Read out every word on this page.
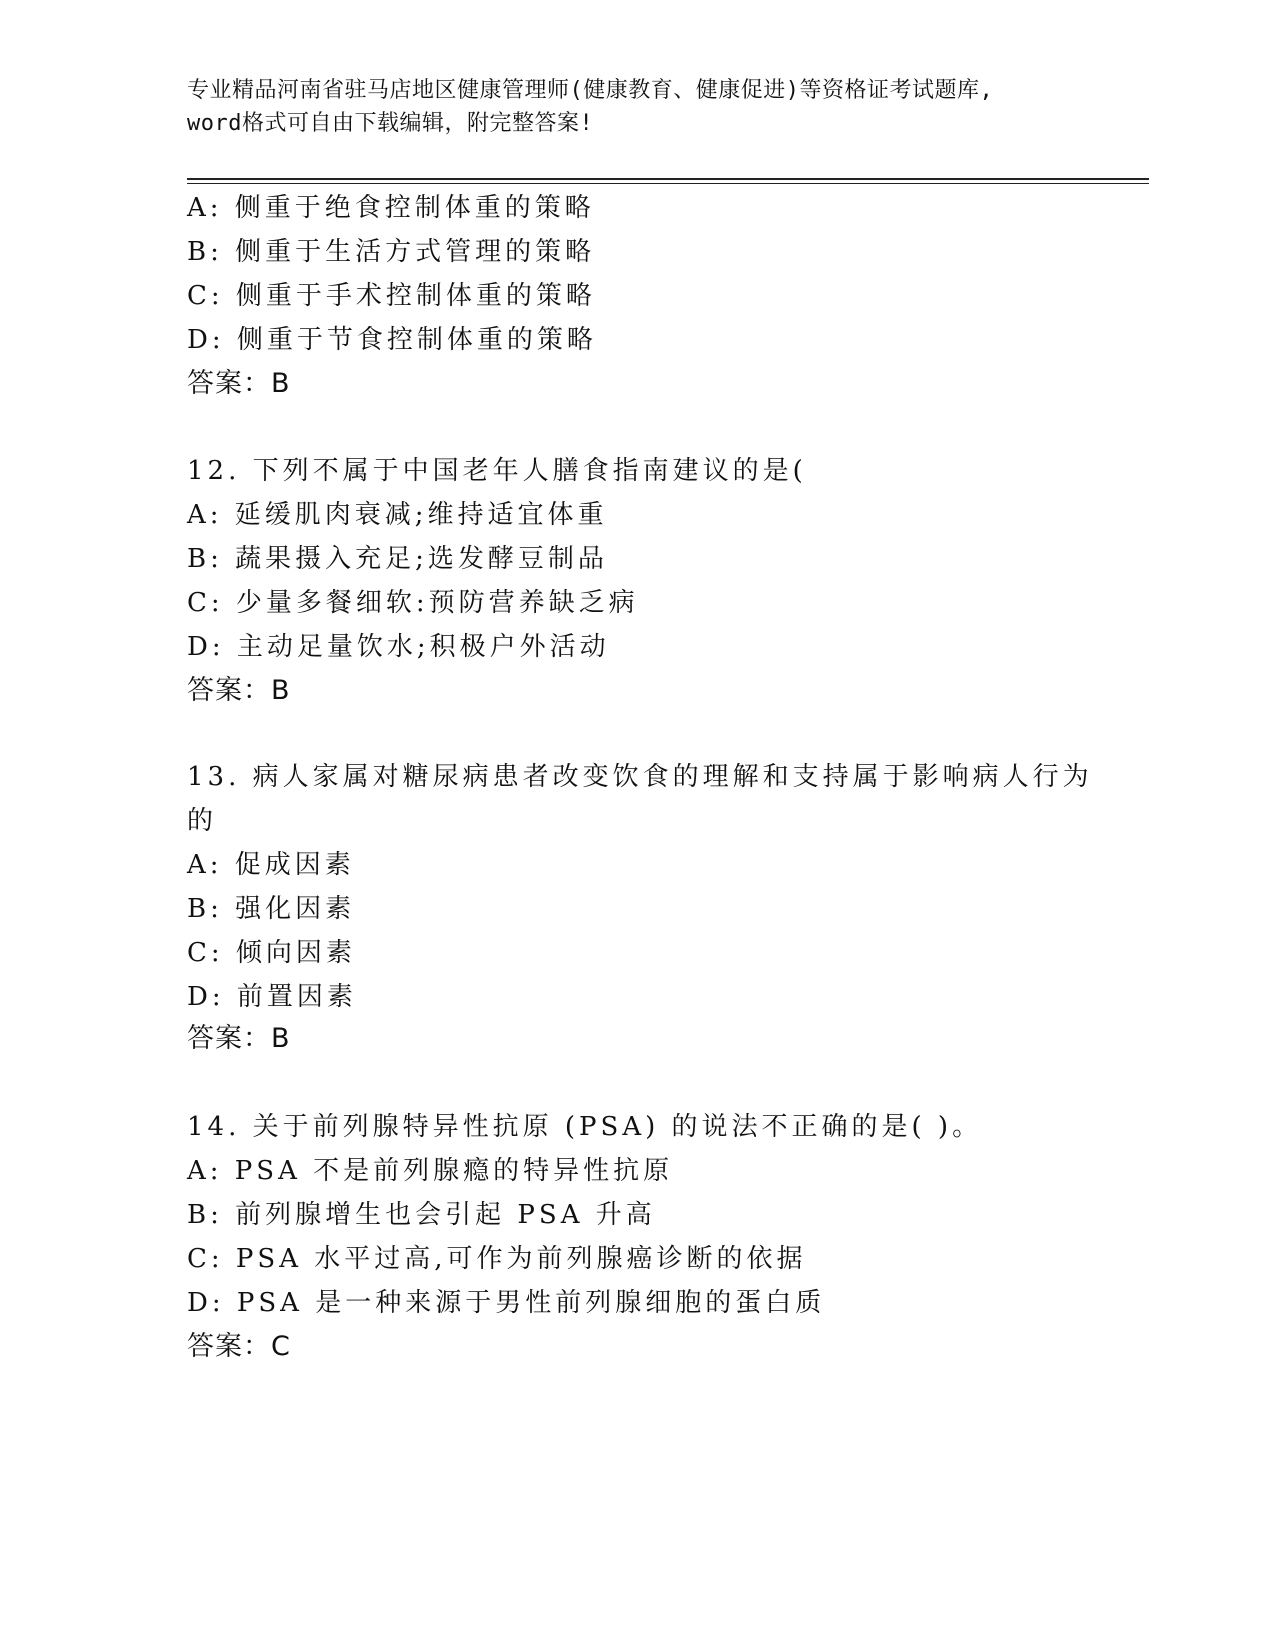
专业精品河南省驻马店地区健康管理师(健康教育、健康促进)等资格证考试题库,
word格式可自由下载编辑，附完整答案!
A: 侧重于绝食控制体重的策略
B: 侧重于生活方式管理的策略
C: 侧重于手术控制体重的策略
D: 侧重于节食控制体重的策略
答案：B
12. 下列不属于中国老年人膳食指南建议的是(
A: 延缓肌肉衰减;维持适宜体重
B: 蔬果摄入充足;选发酵豆制品
C: 少量多餐细软:预防营养缺乏病
D: 主动足量饮水;积极户外活动
答案：B
13. 病人家属对糖尿病患者改变饮食的理解和支持属于影响病人行为
的
A: 促成因素
B: 强化因素
C: 倾向因素
D: 前置因素
答案：B
14. 关于前列腺特异性抗原 (PSA) 的说法不正确的是( )。
A: PSA 不是前列腺瘾的特异性抗原
B: 前列腺增生也会引起 PSA 升高
C: PSA 水平过高,可作为前列腺癌诊断的依据
D: PSA 是一种来源于男性前列腺细胞的蛋白质
答案：C
